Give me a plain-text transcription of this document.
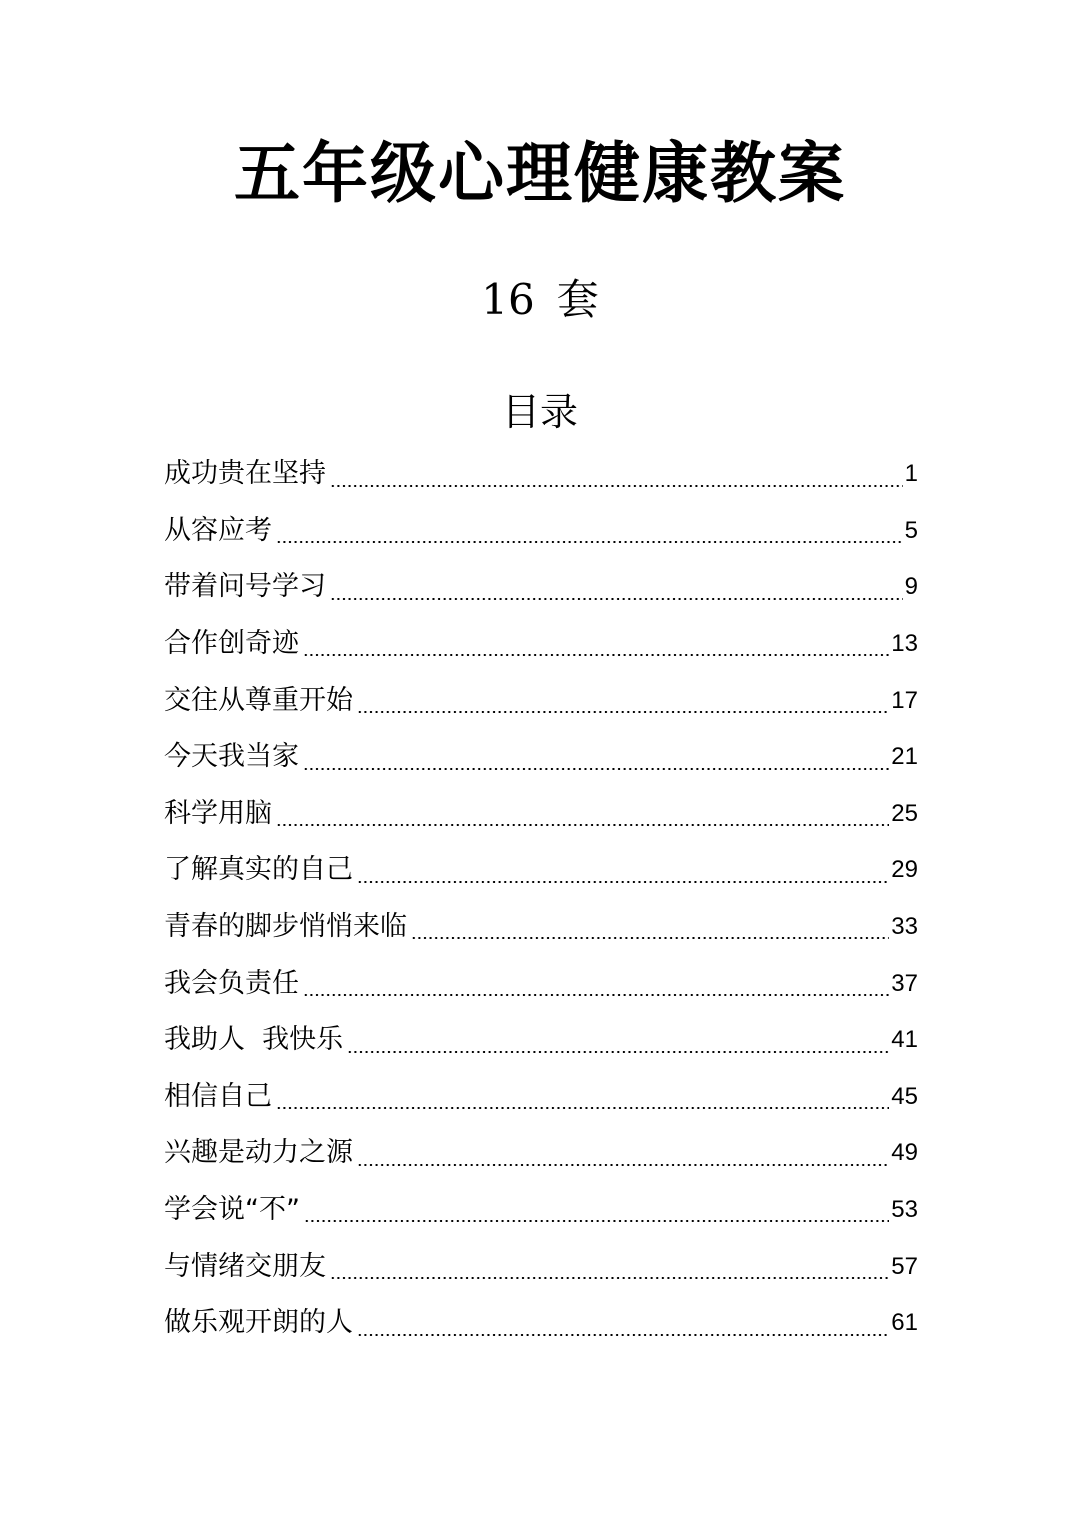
五年级心理健康教案
16 套
目录
成功贵在坚持	1
从容应考	5
带着问号学习	9
合作创奇迹	13
交往从尊重开始	17
今天我当家	21
科学用脑	25
了解真实的自己	29
青春的脚步悄悄来临	33
我会负责任	37
我助人  我快乐	41
相信自己	45
兴趣是动力之源	49
学会说“不”	53
与情绪交朋友	57
做乐观开朗的人	61
